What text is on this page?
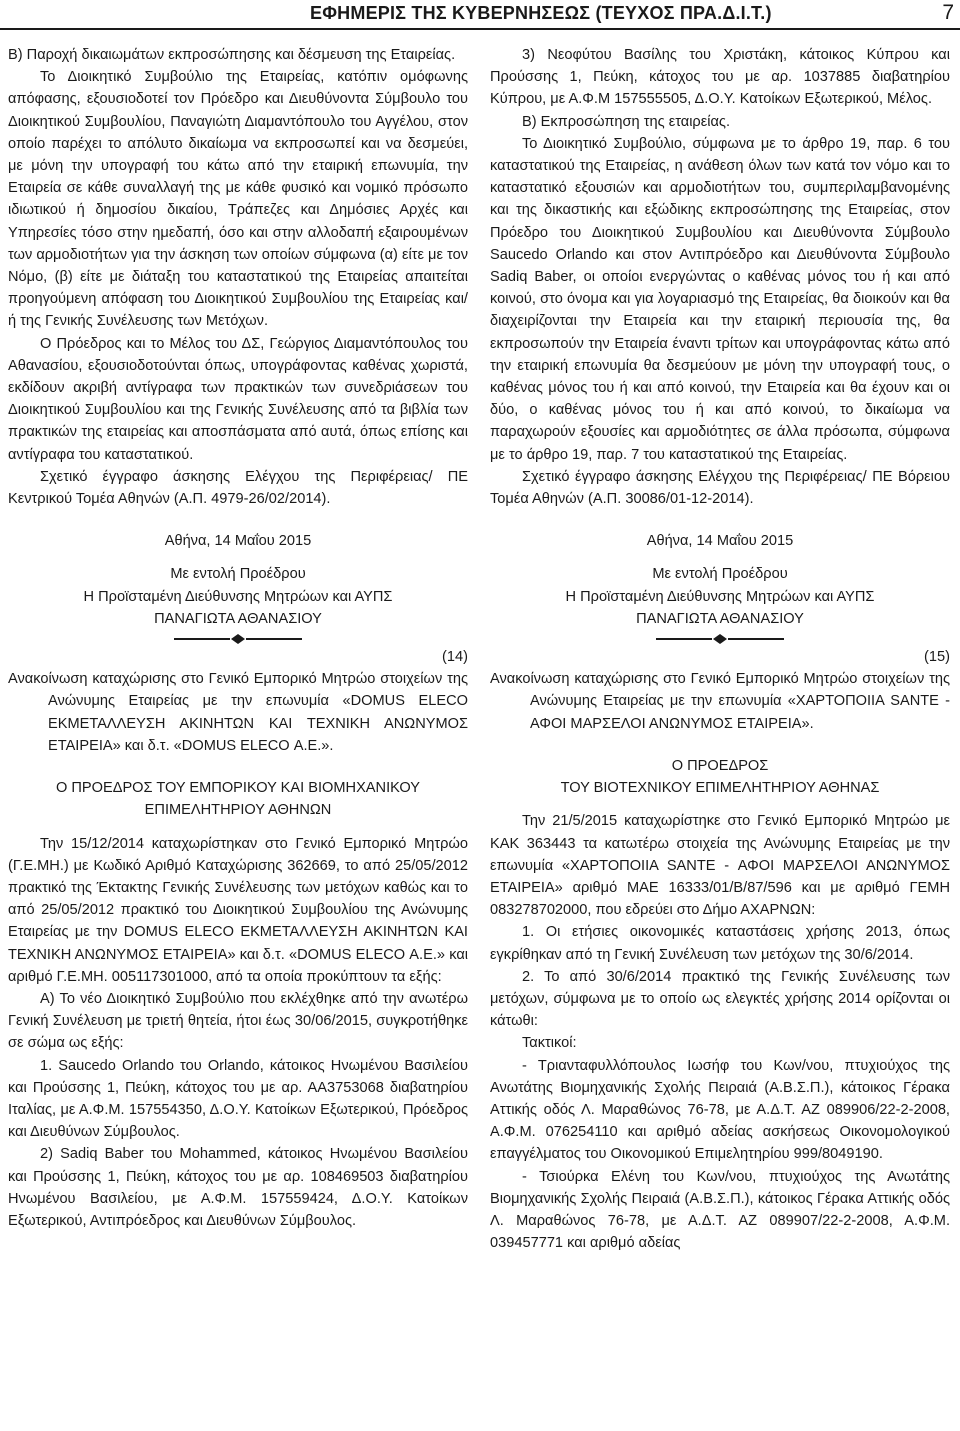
ΕΦΗΜΕΡΙΣ ΤΗΣ ΚΥΒΕΡΝΗΣΕΩΣ (ΤΕΥΧΟΣ ΠΡΑ.Δ.Ι.Τ.)	7

Β) Παροχή δικαιωμάτων εκπροσώπησης και δέσμευση της Εταιρείας.

Το Διοικητικό Συμβούλιο της Εταιρείας, κατόπιν ομόφωνης απόφασης, εξουσιοδοτεί τον Πρόεδρο και Διευθύνοντα Σύμβουλο του Διοικητικού Συμβουλίου, Παναγιώτη Διαμαντόπουλο του Αγγέλου, στον οποίο παρέχει το απόλυτο δικαίωμα να εκπροσωπεί και να δεσμεύει, με μόνη την υπογραφή του κάτω από την εταιρική επωνυμία, την Εταιρεία σε κάθε συναλλαγή της με κάθε φυσικό και νομικό πρόσωπο ιδιωτικού ή δημοσίου δικαίου, Τράπεζες και Δημόσιες Αρχές και Υπηρεσίες τόσο στην ημεδαπή, όσο και στην αλλοδαπή εξαιρουμένων των αρμοδιοτήτων για την άσκηση των οποίων σύμφωνα (α) είτε με τον Νόμο, (β) είτε με διάταξη του καταστατικού της Εταιρείας απαιτείται προηγούμενη απόφαση του Διοικητικού Συμβουλίου της Εταιρείας και/ή της Γενικής Συνέλευσης των Μετόχων.

Ο Πρόεδρος και το Μέλος του ΔΣ, Γεώργιος Διαμαντόπουλος του Αθανασίου, εξουσιοδοτούνται όπως, υπογράφοντας καθένας χωριστά, εκδίδουν ακριβή αντίγραφα των πρακτικών των συνεδριάσεων του Διοικητικού Συμβουλίου και της Γενικής Συνέλευσης από τα βιβλία των πρακτικών της εταιρείας και αποσπάσματα από αυτά, όπως επίσης και αντίγραφα του καταστατικού.

Σχετικό έγγραφο άσκησης Ελέγχου της Περιφέρειας/ ΠΕ Κεντρικού Τομέα Αθηνών (Α.Π. 4979-26/02/2014).

Αθήνα, 14 Μαΐου 2015

Με εντολή Προέδρου

Η Προϊσταμένη Διεύθυνσης Μητρώων και ΑΥΠΣ

ΠΑΝΑΓΙΩΤΑ ΑΘΑΝΑΣΙΟΥ

(14)

Ανακοίνωση καταχώρισης στο Γενικό Εμπορικό Μητρώο στοιχείων της Ανώνυμης Εταιρείας με την επωνυμία «DOMUS ELECO ΕΚΜΕΤΑΛΛΕΥΣΗ ΑΚΙΝΗΤΩΝ ΚΑΙ ΤΕΧΝΙΚΗ ΑΝΩΝΥΜΟΣ ΕΤΑΙΡΕΙΑ» και δ.τ. «DOMUS ELECO Α.Ε.».

Ο ΠΡΟΕΔΡΟΣ ΤΟΥ ΕΜΠΟΡΙΚΟΥ ΚΑΙ ΒΙΟΜΗΧΑΝΙΚΟΥ

ΕΠΙΜΕΛΗΤΗΡΙΟΥ ΑΘΗΝΩΝ

Την 15/12/2014 καταχωρίστηκαν στο Γενικό Εμπορικό Μητρώο (Γ.Ε.ΜΗ.) με Κωδικό Αριθμό Καταχώρισης 362669, το από 25/05/2012 πρακτικό της Έκτακτης Γενικής Συνέλευσης των μετόχων καθώς και το από 25/05/2012 πρακτικό του Διοικητικού Συμβουλίου της Ανώνυμης Εταιρείας με την DOMUS ELECO ΕΚΜΕΤΑΛΛΕΥΣΗ ΑΚΙΝΗΤΩΝ ΚΑΙ ΤΕΧΝΙΚΗ ΑΝΩΝΥΜΟΣ ΕΤΑΙΡΕΙΑ» και δ.τ. «DOMUS ELECO Α.Ε.» και αριθμό Γ.Ε.ΜΗ. 005117301000, από τα οποία προκύπτουν τα εξής:

Α) Το νέο Διοικητικό Συμβούλιο που εκλέχθηκε από την ανωτέρω Γενική Συνέλευση με τριετή θητεία, ήτοι έως 30/06/2015, συγκροτήθηκε σε σώμα ως εξής:

1. Saucedo Orlando του Orlando, κάτοικος Ηνωμένου Βασιλείου και Προύσσης 1, Πεύκη, κάτοχος του με αρ. ΑΑ3753068 διαβατηρίου Ιταλίας, με Α.Φ.Μ. 157554350, Δ.Ο.Υ. Κατοίκων Εξωτερικού, Πρόεδρος και Διευθύνων Σύμβουλος.

2) Sadiq Baber του Mohammed, κάτοικος Ηνωμένου Βασιλείου και Προύσσης 1, Πεύκη, κάτοχος του με αρ. 108469503 διαβατηρίου Ηνωμένου Βασιλείου, με Α.Φ.Μ. 157559424, Δ.Ο.Υ. Κατοίκων Εξωτερικού, Αντιπρόεδρος και Διευθύνων Σύμβουλος.

3) Νεοφύτου Βασίλης του Χριστάκη, κάτοικος Κύπρου και Προύσσης 1, Πεύκη, κάτοχος του με αρ. 1037885 διαβατηρίου Κύπρου, με Α.Φ.Μ 157555505, Δ.Ο.Υ. Κατοίκων Εξωτερικού, Μέλος.

Β) Εκπροσώπηση της εταιρείας.

Το Διοικητικό Συμβούλιο, σύμφωνα με το άρθρο 19, παρ. 6 του καταστατικού της Εταιρείας, η ανάθεση όλων των κατά τον νόμο και το καταστατικό εξουσιών και αρμοδιοτήτων του, συμπεριλαμβανομένης και της δικαστικής και εξώδικης εκπροσώπησης της Εταιρείας, στον Πρόεδρο του Διοικητικού Συμβουλίου και Διευθύνοντα Σύμβουλο Saucedo Orlando και στον Αντιπρόεδρο και Διευθύνοντα Σύμβουλο Sadiq Baber, οι οποίοι ενεργώντας ο καθένας μόνος του ή και από κοινού, στο όνομα και για λογαριασμό της Εταιρείας, θα διοικούν και θα διαχειρίζονται την Εταιρεία και την εταιρική περιουσία της, θα εκπροσωπούν την Εταιρεία έναντι τρίτων και υπογράφοντας κάτω από την εταιρική επωνυμία θα δεσμεύουν με μόνη την υπογραφή τους, ο καθένας μόνος του ή και από κοινού, την Εταιρεία και θα έχουν και οι δύο, ο καθένας μόνος του ή και από κοινού, το δικαίωμα να παραχωρούν εξουσίες και αρμοδιότητες σε άλλα πρόσωπα, σύμφωνα με το άρθρο 19, παρ. 7 του καταστατικού της Εταιρείας.

Σχετικό έγγραφο άσκησης Ελέγχου της Περιφέρειας/ ΠΕ Βόρειου Τομέα Αθηνών (Α.Π. 30086/01-12-2014).

Αθήνα, 14 Μαΐου 2015

Με εντολή Προέδρου

Η Προϊσταμένη Διεύθυνσης Μητρώων και ΑΥΠΣ

ΠΑΝΑΓΙΩΤΑ ΑΘΑΝΑΣΙΟΥ

(15)

Ανακοίνωση καταχώρισης στο Γενικό Εμπορικό Μητρώο στοιχείων της Ανώνυμης Εταιρείας με την επωνυμία «ΧΑΡΤΟΠΟΙΙΑ SANTE - ΑΦΟΙ ΜΑΡΣΕΛΟΙ ΑΝΩΝΥΜΟΣ ΕΤΑΙΡΕΙΑ».

Ο ΠΡΟΕΔΡΟΣ

ΤΟΥ ΒΙΟΤΕΧΝΙΚΟΥ ΕΠΙΜΕΛΗΤΗΡΙΟΥ ΑΘΗΝΑΣ

Την 21/5/2015 καταχωρίστηκε στο Γενικό Εμπορικό Μητρώο με ΚΑΚ 363443 τα κατωτέρω στοιχεία της Ανώνυμης Εταιρείας με την επωνυμία «ΧΑΡΤΟΠΟΙΙΑ SANTE - ΑΦΟΙ ΜΑΡΣΕΛΟΙ ΑΝΩΝΥΜΟΣ ΕΤΑΙΡΕΙΑ» αριθμό ΜΑΕ 16333/01/Β/87/596 και με αριθμό ΓΕΜΗ 083278702000, που εδρεύει στο Δήμο ΑΧΑΡΝΩΝ:

1. Οι ετήσιες οικονομικές καταστάσεις χρήσης 2013, όπως εγκρίθηκαν από τη Γενική Συνέλευση των μετόχων της 30/6/2014.

2. Το από 30/6/2014 πρακτικό της Γενικής Συνέλευσης των μετόχων, σύμφωνα με το οποίο ως ελεγκτές χρήσης 2014 ορίζονται οι κάτωθι:

Τακτικοί:

- Τριανταφυλλόπουλος Ιωσήφ του Κων/νου, πτυχιούχος της Ανωτάτης Βιομηχανικής Σχολής Πειραιά (Α.Β.Σ.Π.), κάτοικος Γέρακα Αττικής οδός Λ. Μαραθώνος 76-78, με Α.Δ.Τ. ΑΖ 089906/22-2-2008, Α.Φ.Μ. 076254110 και αριθμό αδείας ασκήσεως Οικονομολογικού επαγγέλματος του Οικονομικού Επιμελητηρίου 999/8049190.

- Τσιούρκα Ελένη του Κων/νου, πτυχιούχος της Ανωτάτης Βιομηχανικής Σχολής Πειραιά (Α.Β.Σ.Π.), κάτοικος Γέρακα Αττικής οδός Λ. Μαραθώνος 76-78, με Α.Δ.Τ. ΑΖ 089907/22-2-2008, Α.Φ.Μ. 039457771 και αριθμό αδείας
